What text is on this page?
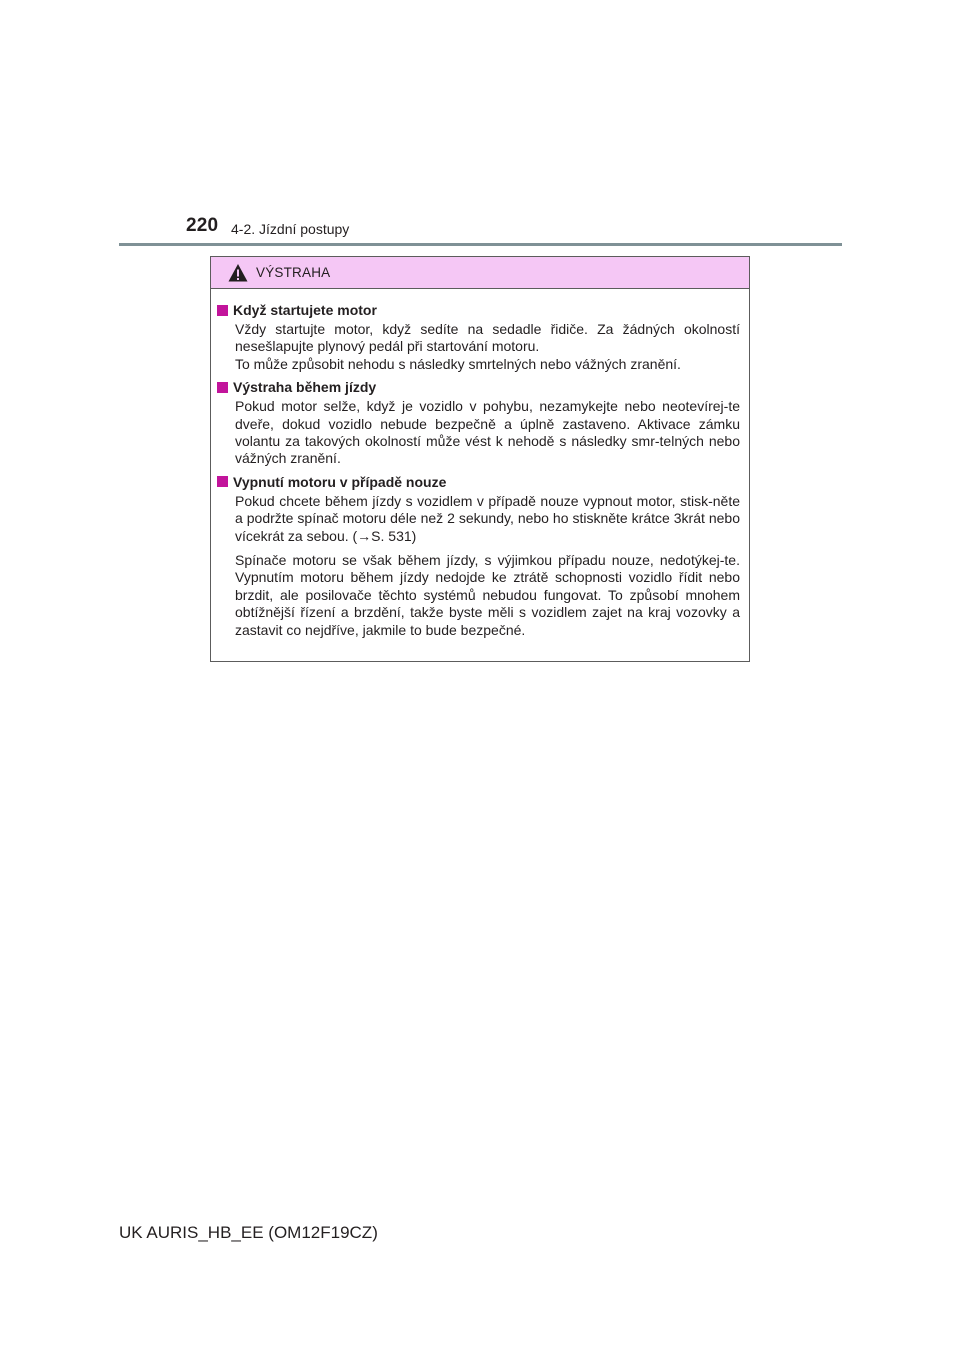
220 4-2. Jízdní postupy
VÝSTRAHA
Když startujete motor

Vždy startujte motor, když sedíte na sedadle řidiče. Za žádných okolností nesešlapujte plynový pedál při startování motoru.
To může způsobit nehodu s následky smrtelných nebo vážných zranění.

Výstraha během jízdy

Pokud motor selže, když je vozidlo v pohybu, nezamykejte nebo neotevírej-te dveře, dokud vozidlo nebude bezpečně a úplně zastaveno. Aktivace zámku volantu za takových okolností může vést k nehodě s následky smr-telných nebo vážných zranění.

Vypnutí motoru v případě nouze

Pokud chcete během jízdy s vozidlem v případě nouze vypnout motor, stisk-něte a podržte spínač motoru déle než 2 sekundy, nebo ho stiskněte krátce 3krát nebo vícekrát za sebou. (→S. 531)

Spínače motoru se však během jízdy, s výjimkou případu nouze, nedotýkej-te. Vypnutím motoru během jízdy nedojde ke ztrátě schopnosti vozidlo řídit nebo brzdit, ale posilovače těchto systémů nebudou fungovat. To způsobí mnohem obtížnější řízení a brzdění, takže byste měli s vozidlem zajet na kraj vozovky a zastavit co nejdříve, jakmile to bude bezpečné.

UK AURIS_HB_EE (OM12F19CZ)
